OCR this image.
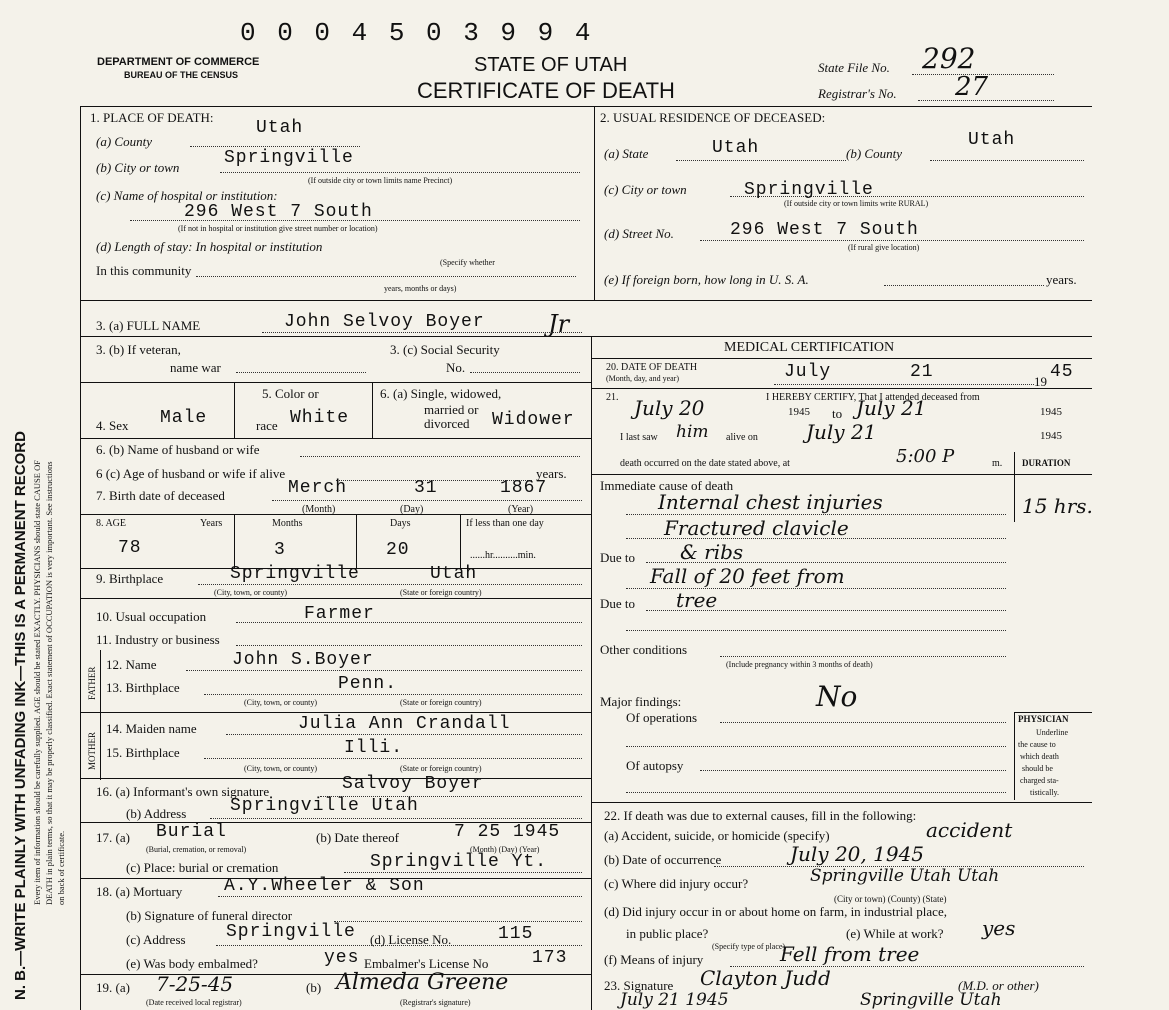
N. B.—WRITE PLAINLY WITH UNFADING INK—THIS IS A PERMANENT RECORD Every item of information should be carefully supplied. AGE should be stated EXACTLY. PHYSICIANS should state CAUSE OF DEATH in plain terms, so that it may be properly classified. Exact statement of OCCUPATION is very important. See instructions on back of certificate.
0 0 0 4 5 0 3 9 9 4
DEPARTMENT OF COMMERCE
BUREAU OF THE CENSUS	STATE OF UTAH
CERTIFICATE OF DEATH
State File No. 292
Registrar's No. 27
1. PLACE OF DEATH:
(a) County
Utah
(b) City or town Springville
(If outside city or town limits name Precinct)
(c) Name of hospital or institution:
296 West 7 South
(If not in hospital or institution give street number or location)
(d) Length of stay: In hospital or institution
(Specify whether
In this community
years, months or days)
2. USUAL RESIDENCE OF DECEASED:
(a) State	Utah	(b) County
Utah
(c) City or town	Springville
(If outside city or town limits write RURAL)
(d) Street No.	296 West 7 South
(If rural give location)
(e) If foreign born, how long in U. S. A.	years.
3. (a) FULL NAME	John Selvoy Boyer	Jr
3. (b) If veteran,
name war
3. (c) Social Security
No.
4. Sex Male
5. Color or
race White
6. (a) Single, widowed,
married or
divorced Widower
6. (b) Name of husband or wife
6 (c) Age of husband or wife if alive	years.
7. Birth date of deceased	Merch	31	1867
(Month)	(Day)	(Year)
8. AGE	Years	Months	Days	If less than one day
78	3	20	......hr..........min.
9. Birthplace	Springville	Utah
(City, town, or county)	(State or foreign country)
10. Usual occupation	Farmer
11. Industry or business
FATHER
MOTHER
12. Name	John S.Boyer
13. Birthplace	Penn.
(City, town, or county)	(State or foreign country)
14. Maiden name	Julia Ann Crandall
15. Birthplace	Illi.
(City, town, or county)	(State or foreign country)
16. (a) Informant's own signature	Salvoy Boyer
(b) Address Springville Utah
17. (a) Burial
(Burial, cremation, or removal)
(b) Date thereof	7 25 1945
(Month) (Day) (Year)
(c) Place: burial or cremation	Springville Yt.
18. (a) Mortuary A.Y.Wheeler & Son
(b) Signature of funeral director
(c) Address Springville (d) License No.	115
(e) Was body embalmed?	yes Embalmer's License No 173
19. (a) 7-25-45	(b) Almeda Greene
(Date received local registrar)	(Registrar's signature)
MEDICAL CERTIFICATION
20. DATE OF DEATH
(Month, day, and year)	July	21	19 45
21.	I HEREBY CERTIFY, That I attended deceased from
July 20	1945 to July 21	1945
I last saw him alive on July 21	1945
death occurred on the date stated above, at	5:00 P	m. DURATION
Immediate cause of death
Internal chest injuries	15 hrs.
Fractured clavicle
Due to & ribs
Fall of 20 feet from
Due to tree
Other conditions
(Include pregnancy within 3 months of death)
Major findings:	No
Of operations
Of autopsy
PHYSICIAN
Underline
the cause to
which death
should be
charged sta-
tistically.
22. If death was due to external causes, fill in the following:
(a) Accident, suicide, or homicide (specify)	accident
(b) Date of occurrence	July 20, 1945
(c) Where did injury occur?	Springville Utah Utah
(City or town) (County) (State)
(d) Did injury occur in or about home on farm, in industrial place,
in public place?	(e) While at work? yes
(Specify type of place)
(f) Means of injury	Fell from tree
23. Signature Clayton Judd	(M.D. or other)
July 21 1945	Springville Utah
